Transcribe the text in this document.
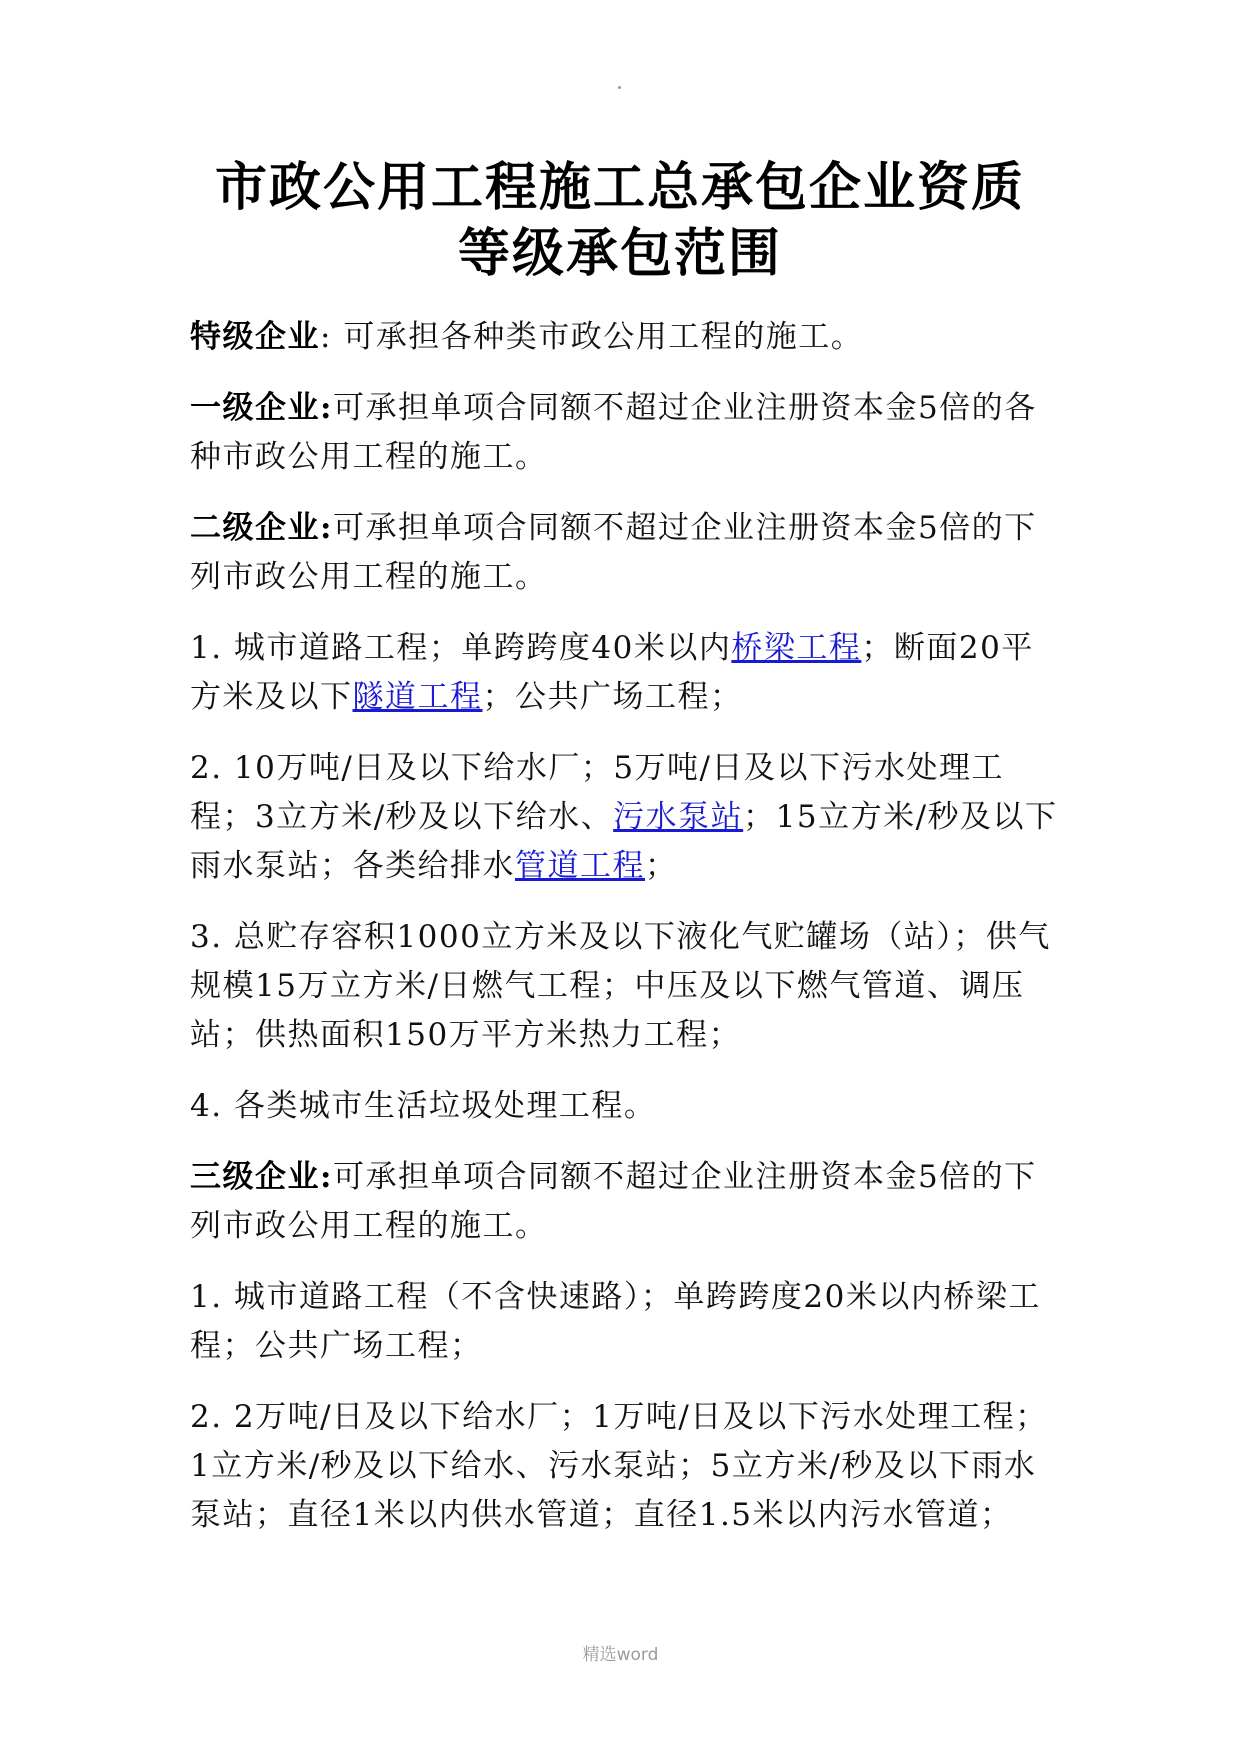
市政公用工程施工总承包企业资质
等级承包范围

特级企业: 可承担各种类市政公用工程的施工。

一级企业:可承担单项合同额不超过企业注册资本金5倍的各种市政公用工程的施工。

二级企业:可承担单项合同额不超过企业注册资本金5倍的下列市政公用工程的施工。

1. 城市道路工程；单跨跨度40米以内桥梁工程；断面20平方米及以下隧道工程；公共广场工程；

2. 10万吨/日及以下给水厂；5万吨/日及以下污水处理工程；3立方米/秒及以下给水、污水泵站；15立方米/秒及以下雨水泵站；各类给排水管道工程；

3. 总贮存容积1000立方米及以下液化气贮罐场（站）；供气规模15万立方米/日燃气工程；中压及以下燃气管道、调压站；供热面积150万平方米热力工程；

4. 各类城市生活垃圾处理工程。

三级企业:可承担单项合同额不超过企业注册资本金5倍的下列市政公用工程的施工。

1. 城市道路工程（不含快速路）；单跨跨度20米以内桥梁工程；公共广场工程；

2. 2万吨/日及以下给水厂；1万吨/日及以下污水处理工程；1立方米/秒及以下给水、污水泵站；5立方米/秒及以下雨水泵站；直径1米以内供水管道；直径1.5米以内污水管道；

精选word
